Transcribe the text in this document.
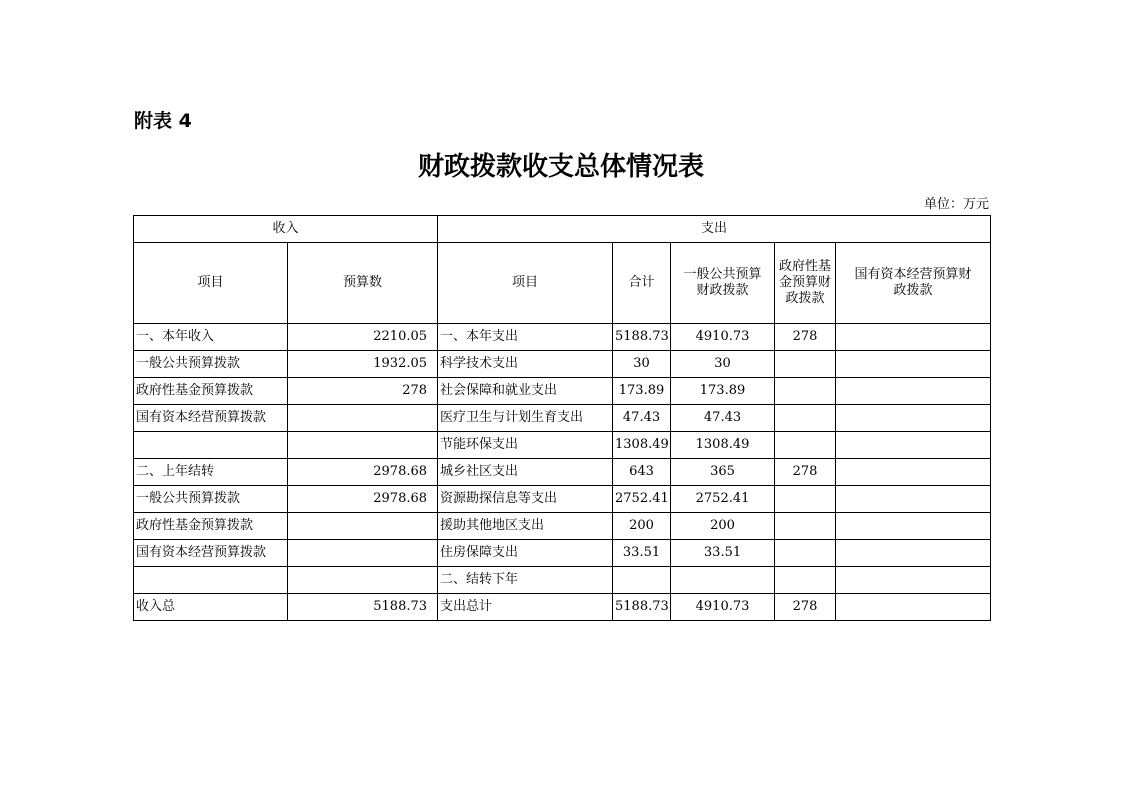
附表 4
财政拨款收支总体情况表
单位：万元
收入		支出				
项目	预算数	项目	合计	一般公共预算财政拨款	政府性基金预算财政拨款	国有资本经营预算财政拨款
一、本年收入	2210.05	一、本年支出	5188.73	4910.73	278	
一般公共预算拨款	1932.05	科学技术支出	30	30		
政府性基金预算拨款	278	社会保障和就业支出	173.89	173.89		
国有资本经营预算拨款		医疗卫生与计划生育支出	47.43	47.43		
		节能环保支出	1308.49	1308.49		
二、上年结转	2978.68	城乡社区支出	643	365	278	
一般公共预算拨款	2978.68	资源勘探信息等支出	2752.41	2752.41		
政府性基金预算拨款		援助其他地区支出	200	200		
国有资本经营预算拨款		住房保障支出	33.51	33.51		
		二、结转下年				
收入总	5188.73	支出总计	5188.73	4910.73	278	
